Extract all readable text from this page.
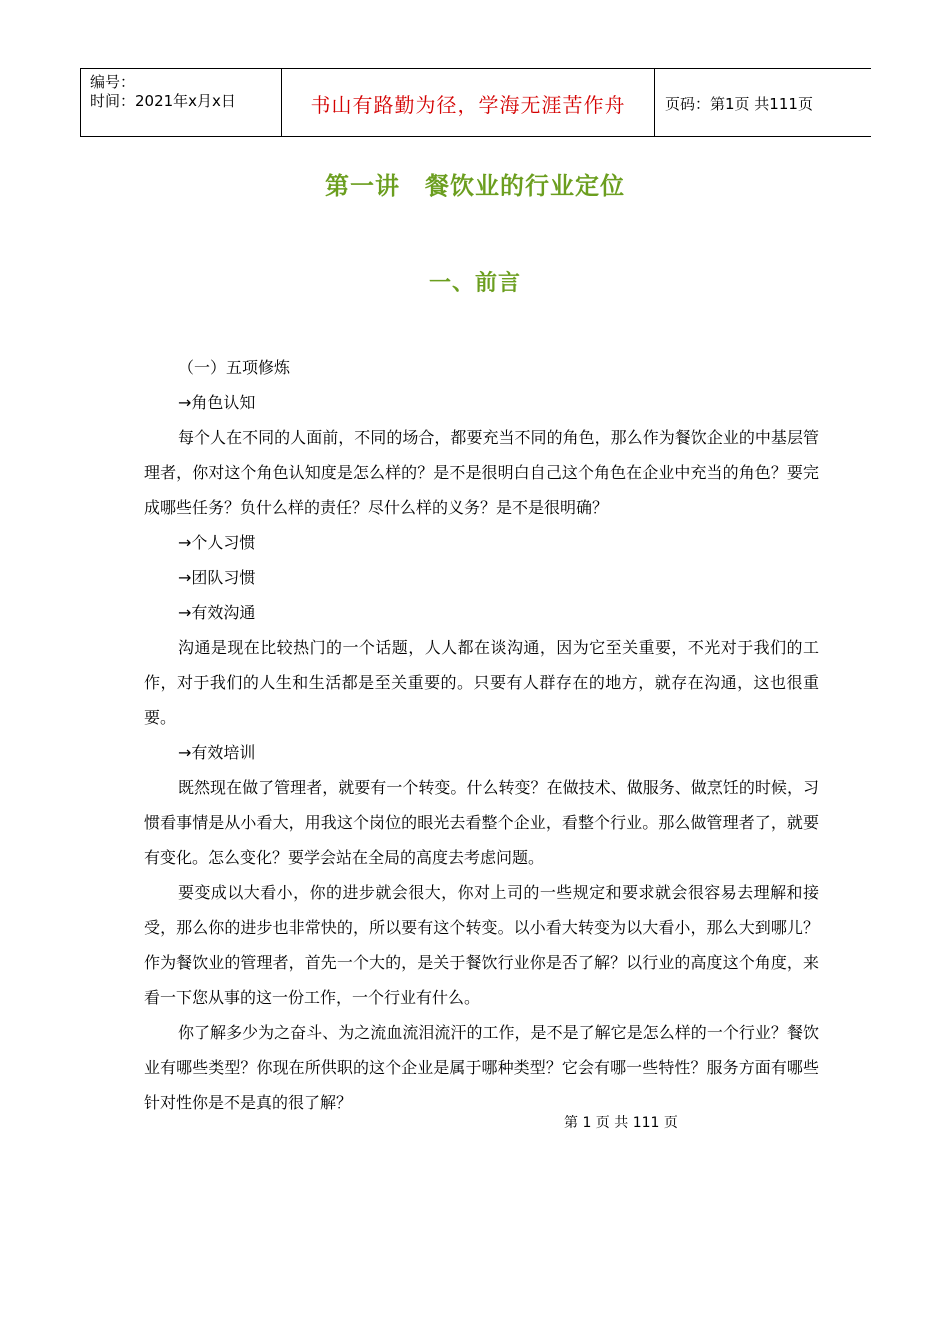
编号：
时间：2021年x月x日	书山有路勤为径，学海无涯苦作舟	页码：第1页 共111页
第一讲　餐饮业的行业定位
一、前言

（一）五项修炼

→角色认知

每个人在不同的人面前，不同的场合，都要充当不同的角色，那么作为餐饮企业的中基层管理者，你对这个角色认知度是怎么样的？是不是很明白自己这个角色在企业中充当的角色？要完成哪些任务？负什么样的责任？尽什么样的义务？是不是很明确？

→个人习惯

→团队习惯

→有效沟通

沟通是现在比较热门的一个话题，人人都在谈沟通，因为它至关重要，不光对于我们的工作，对于我们的人生和生活都是至关重要的。只要有人群存在的地方，就存在沟通，这也很重要。

→有效培训

既然现在做了管理者，就要有一个转变。什么转变？在做技术、做服务、做烹饪的时候，习惯看事情是从小看大，用我这个岗位的眼光去看整个企业，看整个行业。那么做管理者了，就要有变化。怎么变化？要学会站在全局的高度去考虑问题。

要变成以大看小，你的进步就会很大，你对上司的一些规定和要求就会很容易去理解和接受，那么你的进步也非常快的，所以要有这个转变。以小看大转变为以大看小，那么大到哪儿？作为餐饮业的管理者，首先一个大的，是关于餐饮行业你是否了解？以行业的高度这个角度，来看一下您从事的这一份工作，一个行业有什么。

你了解多少为之奋斗、为之流血流泪流汗的工作，是不是了解它是怎么样的一个行业？餐饮业有哪些类型？你现在所供职的这个企业是属于哪种类型？它会有哪一些特性？服务方面有哪些针对性你是不是真的很了解？

第 1 页 共 111 页
